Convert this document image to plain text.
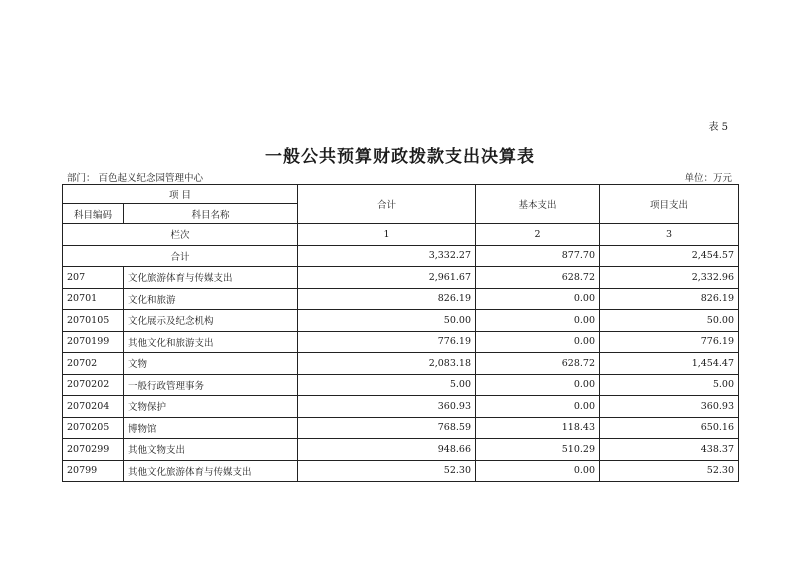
表 5
一般公共预算财政拨款支出决算表
部门： 百色起义纪念园管理中心	单位：万元
项 目		合计	基本支出	项目支出
科目编码	科目名称			
栏次		1	2	3
合计		3,332.27	877.70	2,454.57
207	文化旅游体育与传媒支出	2,961.67	628.72	2,332.96
20701	文化和旅游	826.19	0.00	826.19
2070105	文化展示及纪念机构	50.00	0.00	50.00
2070199	其他文化和旅游支出	776.19	0.00	776.19
20702	文物	2,083.18	628.72	1,454.47
2070202	一般行政管理事务	5.00	0.00	5.00
2070204	文物保护	360.93	0.00	360.93
2070205	博物馆	768.59	118.43	650.16
2070299	其他文物支出	948.66	510.29	438.37
20799	其他文化旅游体育与传媒支出	52.30	0.00	52.30
